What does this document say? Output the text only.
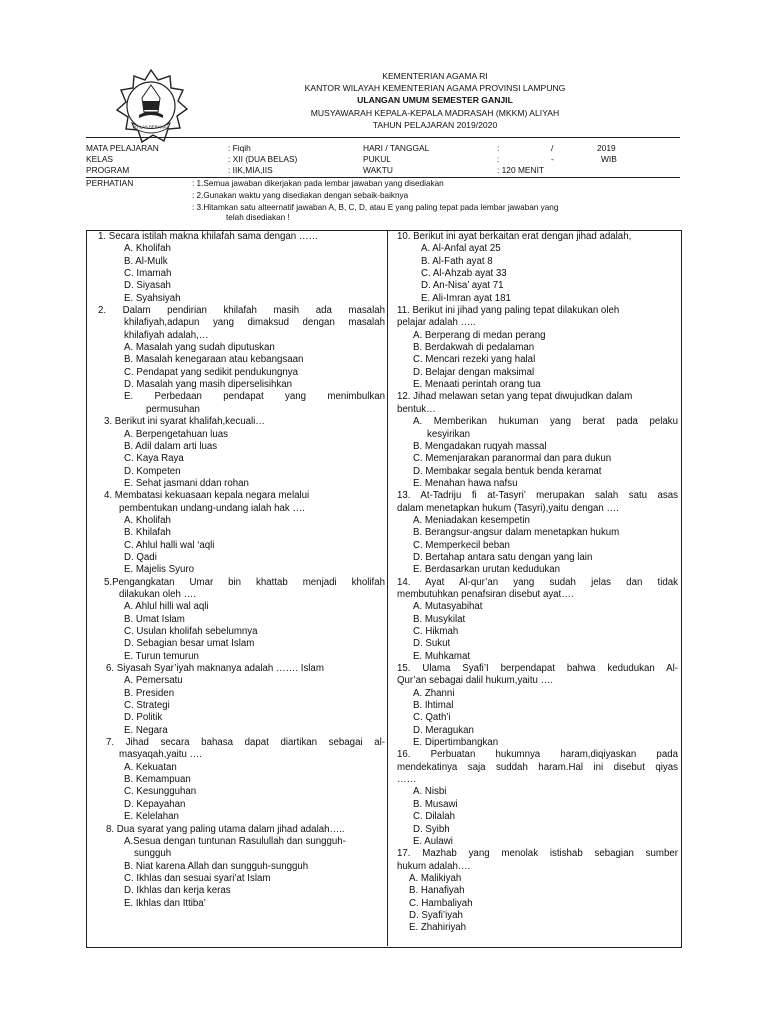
IKHLAS BERAMAL
KEMENTERIAN AGAMA RI
KANTOR WILAYAH KEMENTERIAN AGAMA PROVINSI LAMPUNG
ULANGAN UMUM SEMESTER GANJIL
MUSYAWARAH KEPALA-KEPALA MADRASAH (MKKM) ALIYAH
TAHUN PELAJARAN 2019/2020
MATA PELAJARAN	: Fiqih	HARI / TANGGAL	:	/	2019
KELAS	: XII (DUA BELAS)	PUKUL	:	-	WIB
PROGRAM	: IIK,MIA,IIS	WAKTU	: 120 MENIT
PERHATIAN	: 1.Semua jawaban dikerjakan pada lembar jawaban yang disediakan
: 2.Gunakan waktu yang disediakan dengan sebaik-baiknya
: 3.Hitamkan satu alteernatif jawaban A, B, C, D, atau E yang paling tepat pada lembar jawaban yang
telah disediakan !
1. Secara istilah makna khilafah sama dengan ……
A. Kholifah
B. Al-Mulk
C. Imamah
D. Siyasah
E. Syahsiyah
2. Dalam pendirian khilafah masih ada masalah
khilafiyah,adapun yang dimaksud dengan masalah
khilafiyah adalah,…
A. Masalah yang sudah diputuskan
B. Masalah kenegaraan atau kebangsaan
C. Pendapat yang sedikit pendukungnya
D. Masalah yang masih diperselisihkan
E. Perbedaan pendapat yang menimbulkan
permusuhan
3. Berikut ini syarat khalifah,kecuali…
A. Berpengetahuan luas
B. Adil dalam arti luas
C. Kaya Raya
D. Kompeten
E. Sehat jasmani ddan rohan
4. Membatasi kekuasaan kepala negara melalui
pembentukan undang-undang ialah hak ….
A. Kholifah
B. Khilafah
C. Ahlul halli wal ‘aqli
D. Qadi
E. Majelis Syuro
5.Pengangkatan Umar bin khattab menjadi kholifah
dilakukan oleh ….
A. Ahlul hilli wal aqli
B. Umat Islam
C. Usulan kholifah sebelumnya
D. Sebagian besar umat Islam
E. Turun temurun
6. Siyasah Syar’iyah maknanya adalah ……. Islam
A. Pemersatu
B. Presiden
C. Strategi
D. Politik
E. Negara
7. Jihad secara bahasa dapat diartikan sebagai al-
masyaqah,yaitu ….
A. Kekuatan
B. Kemampuan
C. Kesungguhan
D. Kepayahan
E. Kelelahan
8. Dua syarat yang paling utama dalam jihad adalah…..
A.Sesua dengan tuntunan Rasulullah dan sungguh-
sungguh
B. Niat karena Allah dan sungguh-sungguh
C. Ikhlas dan sesuai syari’at Islam
D. Ikhlas dan kerja keras
E. Ikhlas dan Ittiba’
10. Berikut ini ayat berkaitan erat dengan jihad adalah,
A. Al-Anfal ayat 25
B. Al-Fath ayat 8
C. Al-Ahzab ayat 33
D. An-Nisa’ ayat 71
E. Ali-Imran ayat 181
11. Berikut ini jihad yang paling tepat dilakukan oleh
pelajar adalah …..
A. Berperang di medan perang
B. Berdakwah di pedalaman
C. Mencari rezeki yang halal
D. Belajar dengan maksimal
E. Menaati perintah orang tua
12. Jihad melawan setan yang tepat diwujudkan dalam
bentuk…
A. Memberikan hukuman yang berat pada pelaku
kesyirikan
B. Mengadakan ruqyah massal
C. Memenjarakan paranormal dan para dukun
D. Membakar segala bentuk benda keramat
E. Menahan hawa nafsu
13. At-Tadriju fi at-Tasyri’ merupakan salah satu asas
dalam menetapkan hukum (Tasyri),yaitu dengan ….
A. Meniadakan kesempetin
B. Berangsur-angsur dalam menetapkan hukum
C. Memperkecil beban
D. Bertahap antara satu dengan yang lain
E. Berdasarkan urutan kedudukan
14. Ayat Al-qur’an yang sudah jelas dan tidak
membutuhkan penafsiran disebut ayat….
A. Mutasyabihat
B. Musykilat
C. Hikmah
D. Sukut
E. Muhkamat
15. Ulama Syafi’I berpendapat bahwa kedudukan Al-
Qur’an sebagai dalil hukum,yaitu ….
A. Zhanni
B. Ihtimal
C. Qath’i
D. Meragukan
E. Dipertimbangkan
16. Perbuatan hukumnya haram,diqiyaskan pada
mendekatinya saja suddah haram.Hal ini disebut qiyas
……
A. Nisbi
B. Musawi
C. Dilalah
D. Syibh
E. Aulawi
17. Mazhab yang menolak istishab sebagian sumber
hukum adalah….
A. Malikiyah
B. Hanafiyah
C. Hambaliyah
D. Syafi’iyah
E. Zhahiriyah
